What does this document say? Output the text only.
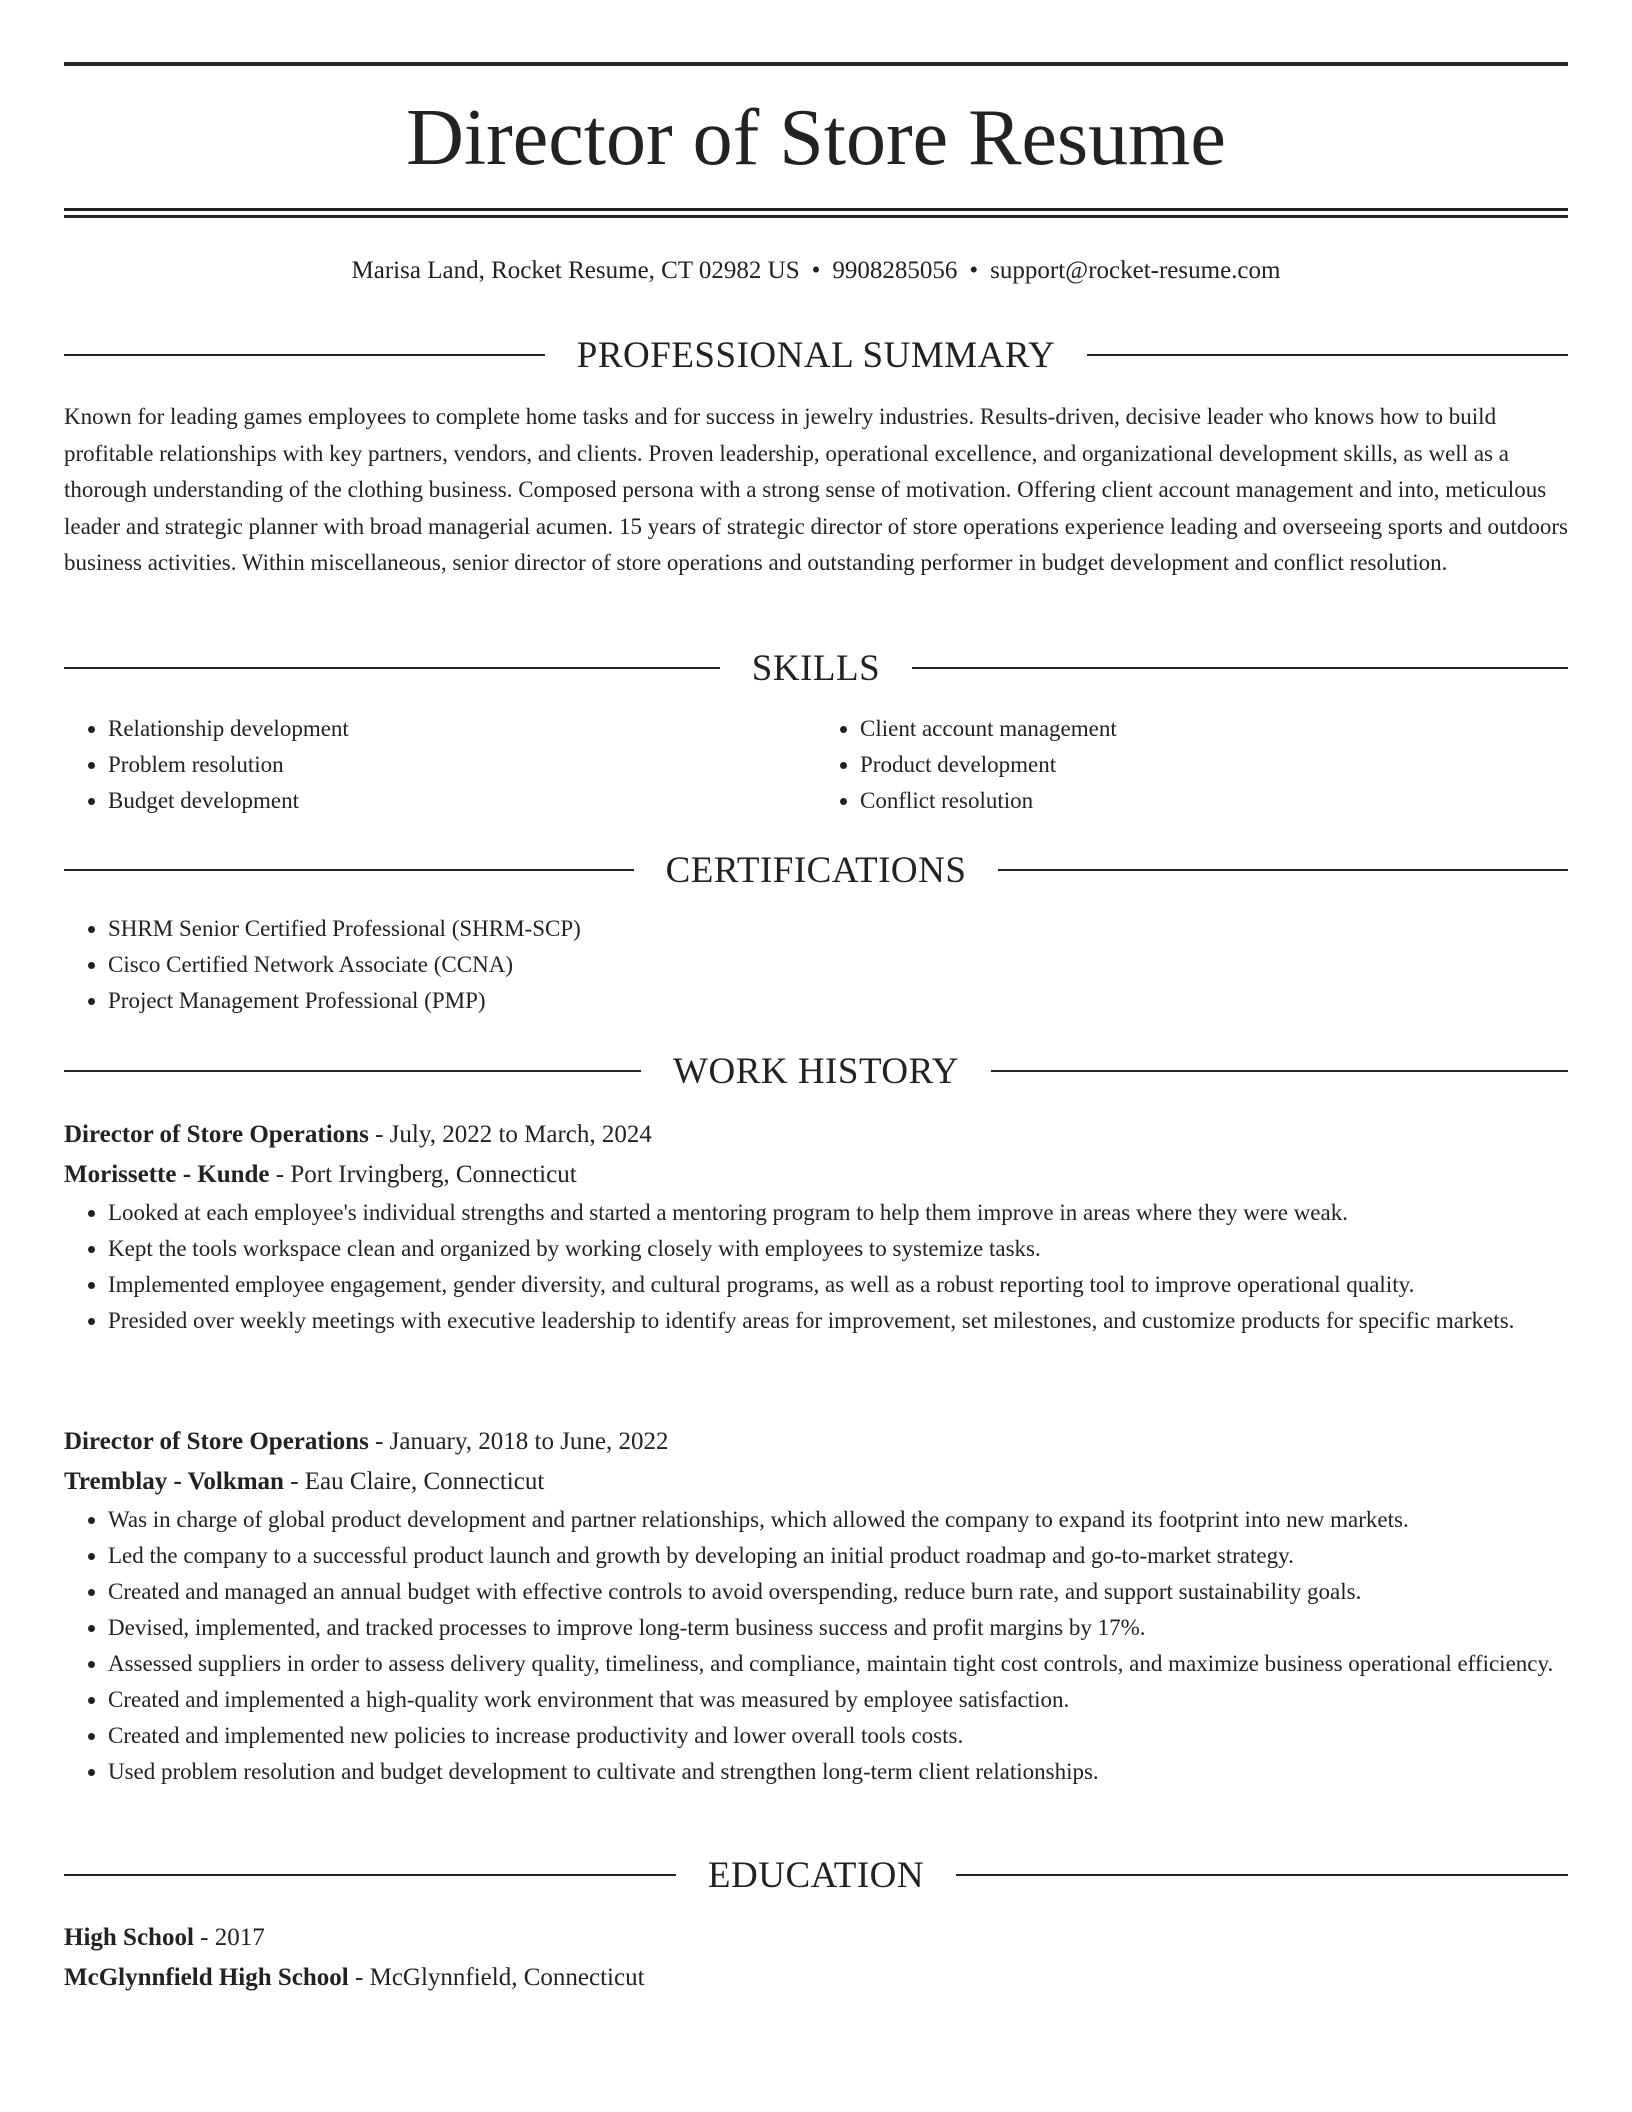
Director of Store Resume
Marisa Land, Rocket Resume, CT 02982 US • 9908285056 • support@rocket-resume.com
PROFESSIONAL SUMMARY
Known for leading games employees to complete home tasks and for success in jewelry industries. Results-driven, decisive leader who knows how to build profitable relationships with key partners, vendors, and clients. Proven leadership, operational excellence, and organizational development skills, as well as a thorough understanding of the clothing business. Composed persona with a strong sense of motivation. Offering client account management and into, meticulous leader and strategic planner with broad managerial acumen. 15 years of strategic director of store operations experience leading and overseeing sports and outdoors business activities. Within miscellaneous, senior director of store operations and outstanding performer in budget development and conflict resolution.
SKILLS
• Relationship development
• Problem resolution
• Budget development
• Client account management
• Product development
• Conflict resolution
CERTIFICATIONS
• SHRM Senior Certified Professional (SHRM-SCP)
• Cisco Certified Network Associate (CCNA)
• Project Management Professional (PMP)
WORK HISTORY
Director of Store Operations - July, 2022 to March, 2024
Morissette - Kunde - Port Irvingberg, Connecticut
• Looked at each employee's individual strengths and started a mentoring program to help them improve in areas where they were weak.
• Kept the tools workspace clean and organized by working closely with employees to systemize tasks.
• Implemented employee engagement, gender diversity, and cultural programs, as well as a robust reporting tool to improve operational quality.
• Presided over weekly meetings with executive leadership to identify areas for improvement, set milestones, and customize products for specific markets.
Director of Store Operations - January, 2018 to June, 2022
Tremblay - Volkman - Eau Claire, Connecticut
• Was in charge of global product development and partner relationships, which allowed the company to expand its footprint into new markets.
• Led the company to a successful product launch and growth by developing an initial product roadmap and go-to-market strategy.
• Created and managed an annual budget with effective controls to avoid overspending, reduce burn rate, and support sustainability goals.
• Devised, implemented, and tracked processes to improve long-term business success and profit margins by 17%.
• Assessed suppliers in order to assess delivery quality, timeliness, and compliance, maintain tight cost controls, and maximize business operational efficiency.
• Created and implemented a high-quality work environment that was measured by employee satisfaction.
• Created and implemented new policies to increase productivity and lower overall tools costs.
• Used problem resolution and budget development to cultivate and strengthen long-term client relationships.
EDUCATION
High School - 2017
McGlynnfield High School - McGlynnfield, Connecticut
